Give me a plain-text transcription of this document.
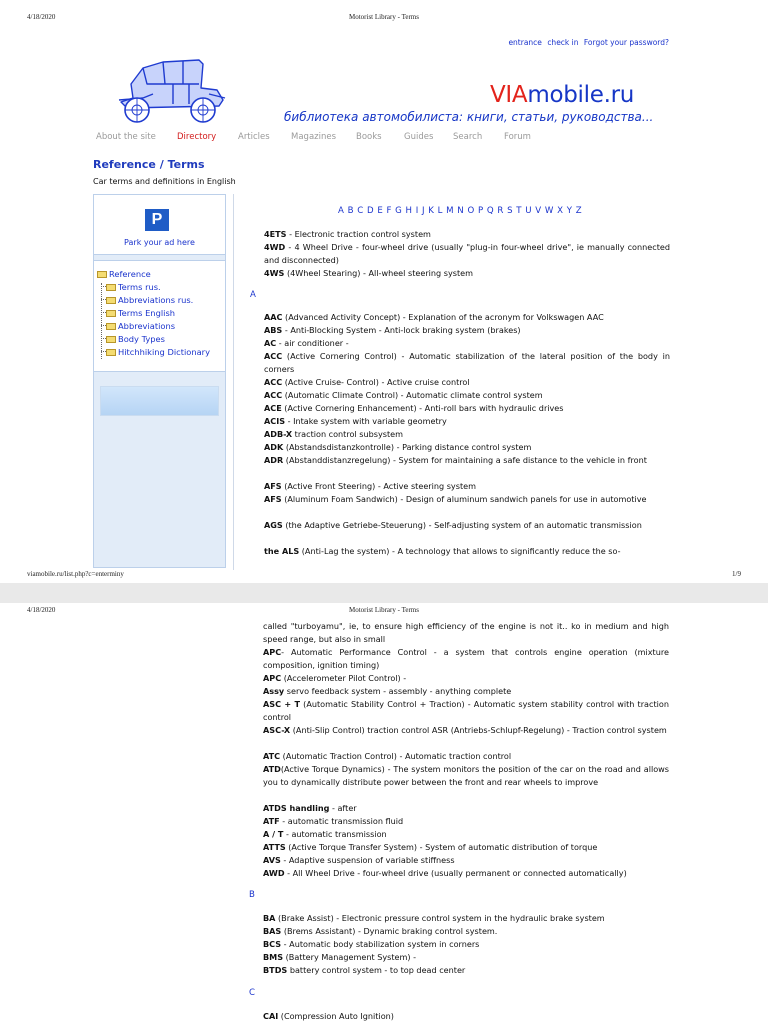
4/18/2020	Motorist Library - Terms
entrance check in Forgot your password?
VIAmobile.ru
библиотека автомобилиста: книги, статьи, руководства...
About the site Directory	Articles	Magazines Books	Guides Search	Forum
Reference / Terms
Car terms and definitions in English
P
Park your ad here
Reference
Terms rus.
Abbreviations rus.
Terms English
Abbreviations
Body Types
Hitchhiking Dictionary
A B C D E F G H I J K L M N O P Q R S T U V W X Y Z
4ETS - Electronic traction control system
4WD - 4 Wheel Drive - four-wheel drive (usually "plug-in four-wheel drive", ie manually connected and disconnected)
4WS (4Wheel Stearing) - All-wheel steering system
A
AAC (Advanced Activity Concept) - Explanation of the acronym for Volkswagen AAC
ABS - Anti-Blocking System - Anti-lock braking system (brakes)
AC - air conditioner -
ACC (Active Cornering Control) - Automatic stabilization of the lateral position of the body in corners
ACC (Active Cruise- Control) - Active cruise control
ACC (Automatic Climate Control) - Automatic climate control system
ACE (Active Cornering Enhancement) - Anti-roll bars with hydraulic drives
ACIS - Intake system with variable geometry
ADB-X traction control subsystem
ADK (Abstandsdistanzkontrolle) - Parking distance control system
ADR (Abstanddistanzregelung) - System for maintaining a safe distance to the vehicle in front
AFS (Active Front Steering) - Active steering system
AFS (Aluminum Foam Sandwich) - Design of aluminum sandwich panels for use in automotive
AGS (the Adaptive Getriebe-Steuerung) - Self-adjusting system of an automatic transmission
the ALS (Anti-Lag the system) - A technology that allows to significantly reduce the so-
viamobile.ru/list.php?c=enterminy	1/9
4/18/2020	Motorist Library - Terms
called "turboyamu", ie, to ensure high efficiency of the engine is not it.. ko in medium and high speed range, but also in small
APC- Automatic Performance Control - a system that controls engine operation (mixture composition, ignition timing)
APC (Accelerometer Pilot Control) -
Assy servo feedback system - assembly - anything complete
ASC + T (Automatic Stability Control + Traction) - Automatic system stability control with traction control
ASC-X (Anti-Slip Control) traction control ASR (Antriebs-Schlupf-Regelung) - Traction control system
ATC (Automatic Traction Control) - Automatic traction control
ATD(Active Torque Dynamics) - The system monitors the position of the car on the road and allows you to dynamically distribute power between the front and rear wheels to improve
ATDS handling - after
ATF - automatic transmission fluid
A / T - automatic transmission
ATTS (Active Torque Transfer System) - System of automatic distribution of torque
AVS - Adaptive suspension of variable stiffness
AWD - All Wheel Drive - four-wheel drive (usually permanent or connected automatically)
B
BA (Brake Assist) - Electronic pressure control system in the hydraulic brake system
BAS (Brems Assistant) - Dynamic braking control system.
BCS - Automatic body stabilization system in corners
BMS (Battery Management System) -
BTDS battery control system - to top dead center
C
CAI (Compression Auto Ignition)
